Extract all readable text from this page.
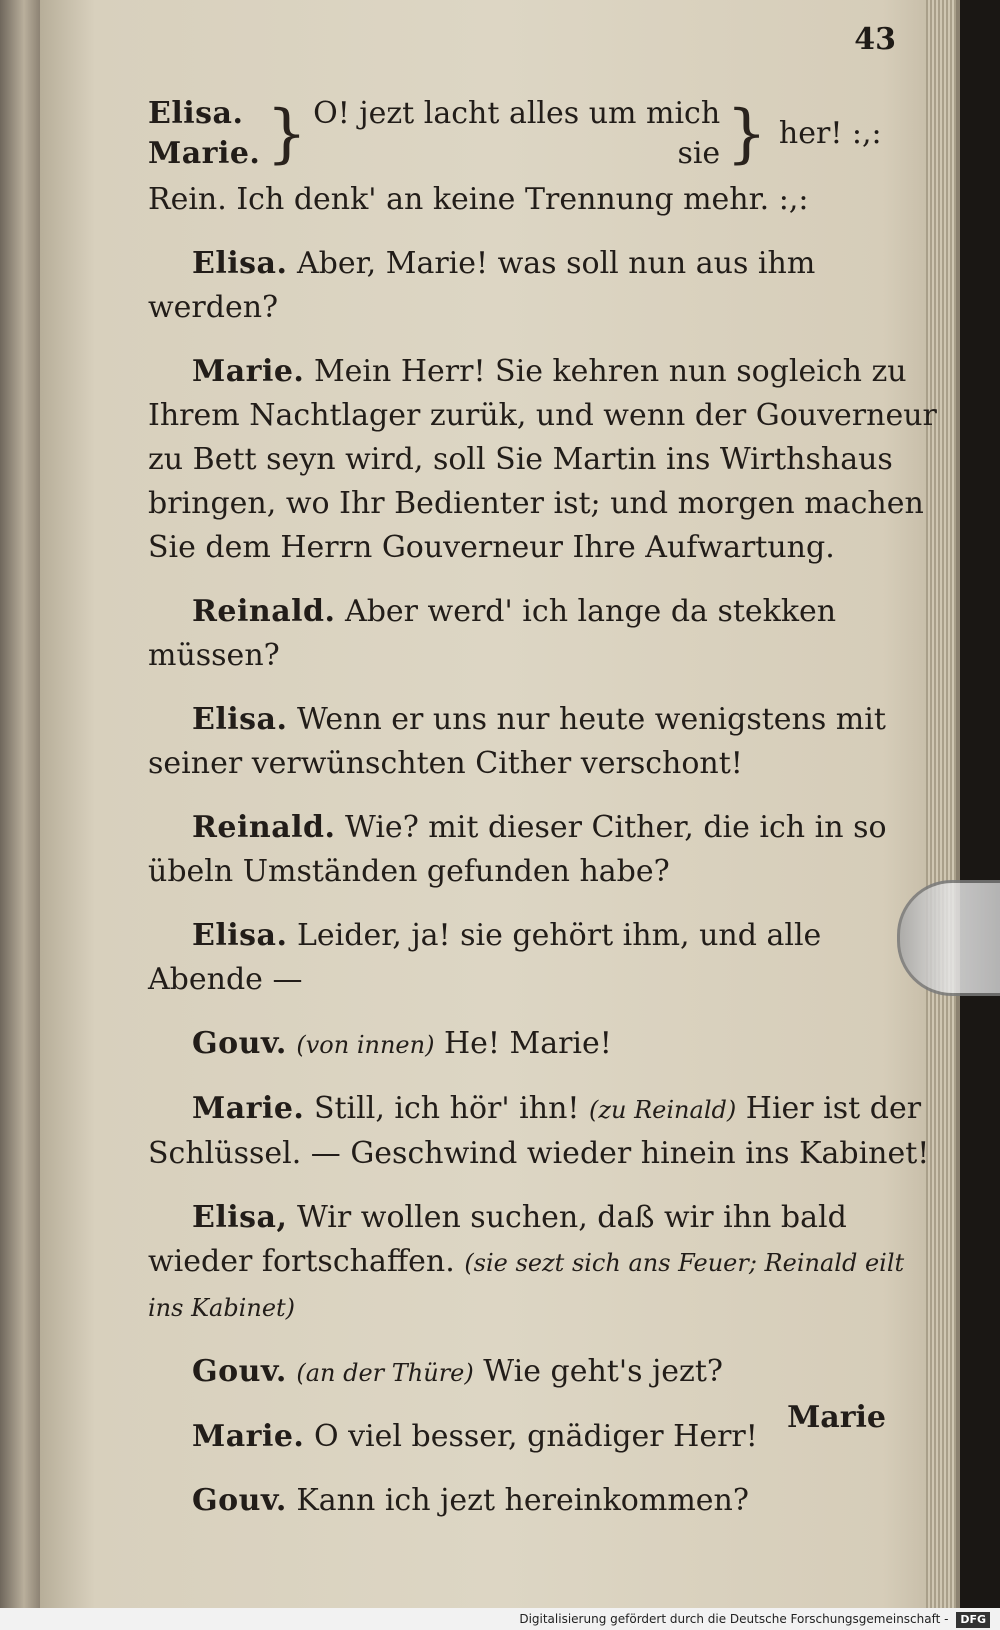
43
Elisa.
Marie. } O! jezt lacht alles um mich
sie } her! :,:

Rein. Ich denk' an keine Trennung mehr. :,:

Elisa. Aber, Marie! was soll nun aus ihm werden?

Marie. Mein Herr! Sie kehren nun sogleich zu Ihrem Nachtlager zurük, und wenn der Gouverneur zu Bett seyn wird, soll Sie Martin ins Wirthshaus bringen, wo Ihr Bedienter ist; und morgen machen Sie dem Herrn Gouverneur Ihre Aufwartung.

Reinald. Aber werd' ich lange da stekken müssen?

Elisa. Wenn er uns nur heute wenigstens mit seiner verwünschten Cither verschont!

Reinald. Wie? mit dieser Cither, die ich in so übeln Umständen gefunden habe?

Elisa. Leider, ja! sie gehört ihm, und alle Abende —

Gouv. (von innen) He! Marie!

Marie. Still, ich hör' ihn! (zu Reinald) Hier ist der Schlüssel. — Geschwind wieder hinein ins Kabinet!

Elisa, Wir wollen suchen, daß wir ihn bald wieder fortschaffen. (sie sezt sich ans Feuer; Reinald eilt ins Kabinet)

Gouv. (an der Thüre) Wie geht's jezt?

Marie. O viel besser, gnädiger Herr!

Gouv. Kann ich jezt hereinkommen?

Marie
Digitalisierung gefördert durch die Deutsche Forschungsgemeinschaft - DFG
